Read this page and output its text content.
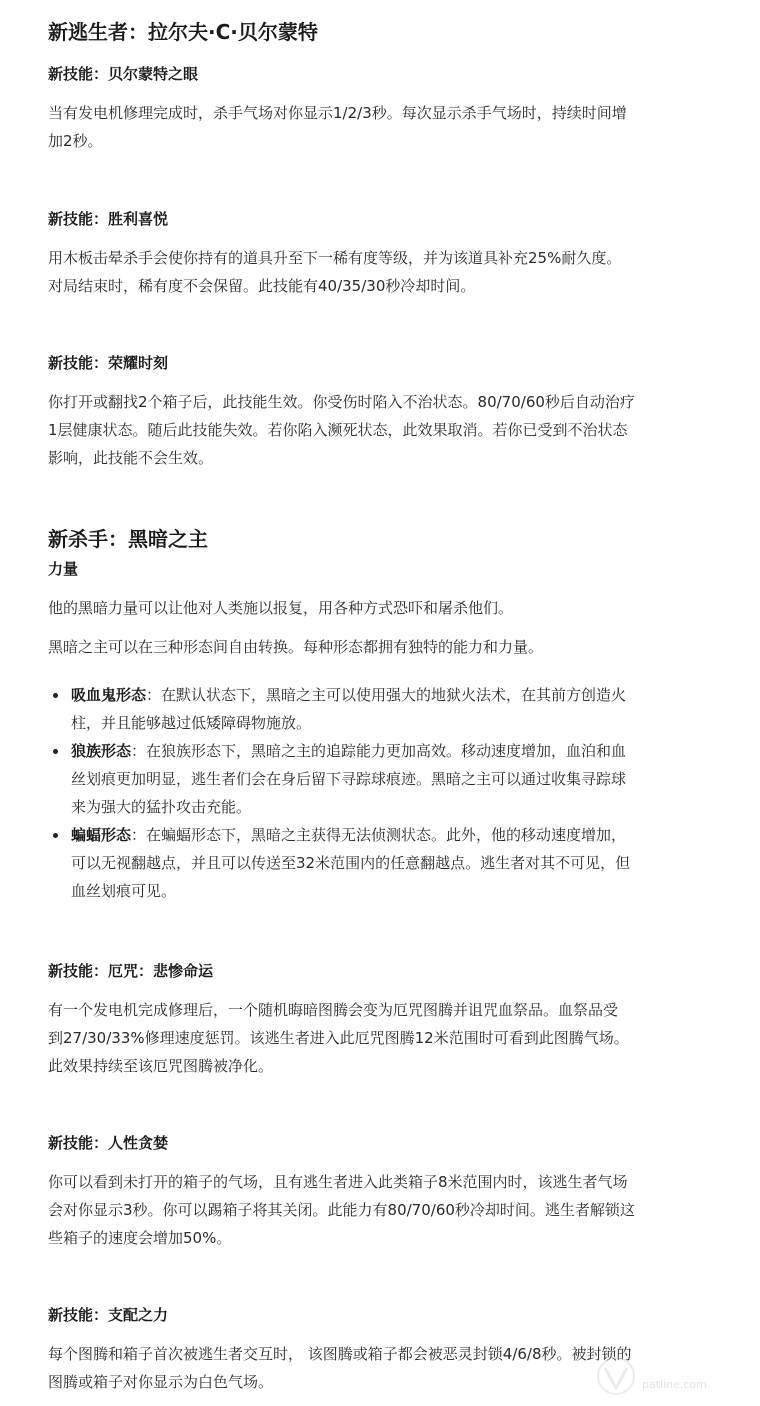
新逃生者：拉尔夫·C·贝尔蒙特
新技能：贝尔蒙特之眼

当有发电机修理完成时，杀手气场对你显示1/2/3秒。每次显示杀手气场时，持续时间增

加2秒。

新技能：胜利喜悦

用木板击晕杀手会使你持有的道具升至下一稀有度等级，并为该道具补充25%耐久度。

对局结束时，稀有度不会保留。此技能有40/35/30秒冷却时间。

新技能：荣耀时刻

你打开或翻找2个箱子后，此技能生效。你受伤时陷入不治状态。80/70/60秒后自动治疗

1层健康状态。随后此技能失效。若你陷入濒死状态，此效果取消。若你已受到不治状态

影响，此技能不会生效。

新杀手：黑暗之主
力量

他的黑暗力量可以让他对人类施以报复，用各种方式恐吓和屠杀他们。

黑暗之主可以在三种形态间自由转换。每种形态都拥有独特的能力和力量。

吸血鬼形态：在默认状态下，黑暗之主可以使用强大的地狱火法术，在其前方创造火
柱，并且能够越过低矮障碍物施放。
狼族形态：在狼族形态下，黑暗之主的追踪能力更加高效。移动速度增加，血泊和血
丝划痕更加明显，逃生者们会在身后留下寻踪球痕迹。黑暗之主可以通过收集寻踪球
来为强大的猛扑攻击充能。
蝙蝠形态：在蝙蝠形态下，黑暗之主获得无法侦测状态。此外，他的移动速度增加，
可以无视翻越点，并且可以传送至32米范围内的任意翻越点。逃生者对其不可见，但
血丝划痕可见。
新技能：厄咒：悲惨命运

有一个发电机完成修理后，一个随机晦暗图腾会变为厄咒图腾并诅咒血祭品。血祭品受

到27/30/33%修理速度惩罚。该逃生者进入此厄咒图腾12米范围时可看到此图腾气场。

此效果持续至该厄咒图腾被净化。

新技能：人性贪婪

你可以看到未打开的箱子的气场，且有逃生者进入此类箱子8米范围内时，该逃生者气场

会对你显示3秒。你可以踢箱子将其关闭。此能力有80/70/60秒冷却时间。逃生者解锁这

些箱子的速度会增加50%。

新技能：支配之力

每个图腾和箱子首次被逃生者交互时， 该图腾或箱子都会被恶灵封锁4/6/8秒。被封锁的

图腾或箱子对你显示为白色气场。	patline.com
